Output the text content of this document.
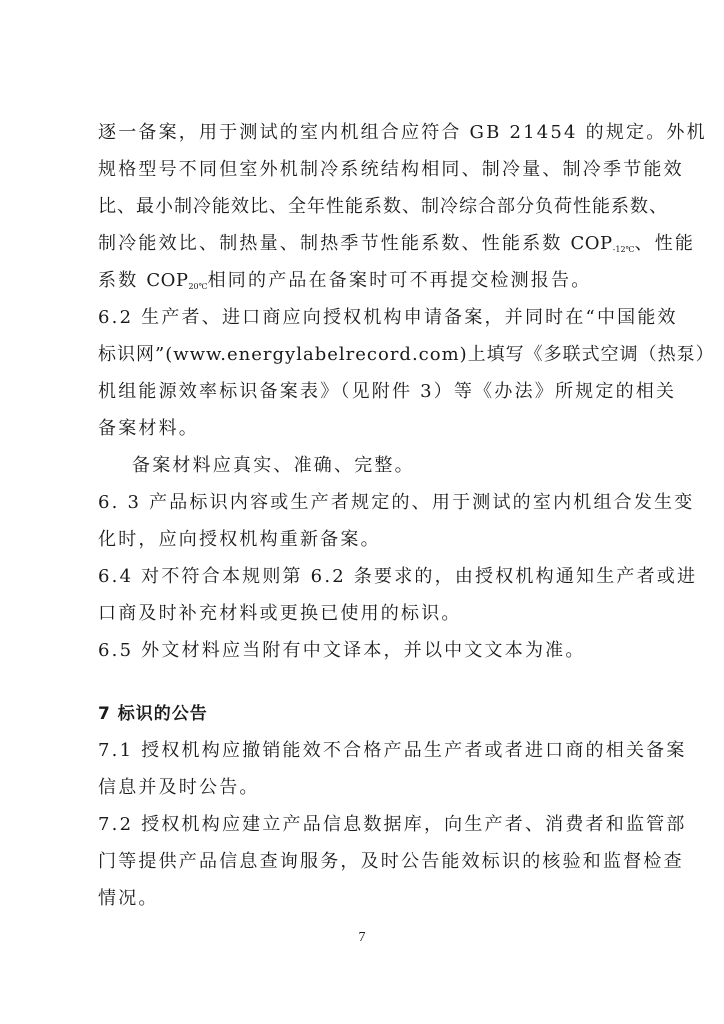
逐一备案，用于测试的室内机组合应符合 GB 21454 的规定。外机
规格型号不同但室外机制冷系统结构相同、制冷量、制冷季节能效
比、最小制冷能效比、全年性能系数、制冷综合部分负荷性能系数、
制冷能效比、制热量、制热季节性能系数、性能系数 $COP_{-12℃}$、性能
系数 $COP_{20℃}$相同的产品在备案时可不再提交检测报告。
6.2 生产者、进口商应向授权机构申请备案，并同时在“中国能效
标识网”(www.energylabelrecord.com)上填写《多联式空调（热泵）
机组能源效率标识备案表》（见附件 3）等《办法》所规定的相关
备案材料。
备案材料应真实、准确、完整。
6. 3 产品标识内容或生产者规定的、用于测试的室内机组合发生变
化时，应向授权机构重新备案。
6.4 对不符合本规则第 6.2 条要求的，由授权机构通知生产者或进
口商及时补充材料或更换已使用的标识。
6.5 外文材料应当附有中文译本，并以中文文本为准。
7 标识的公告
7.1 授权机构应撤销能效不合格产品生产者或者进口商的相关备案
信息并及时公告。
7.2 授权机构应建立产品信息数据库，向生产者、消费者和监管部
门等提供产品信息查询服务，及时公告能效标识的核验和监督检查
情况。
7
